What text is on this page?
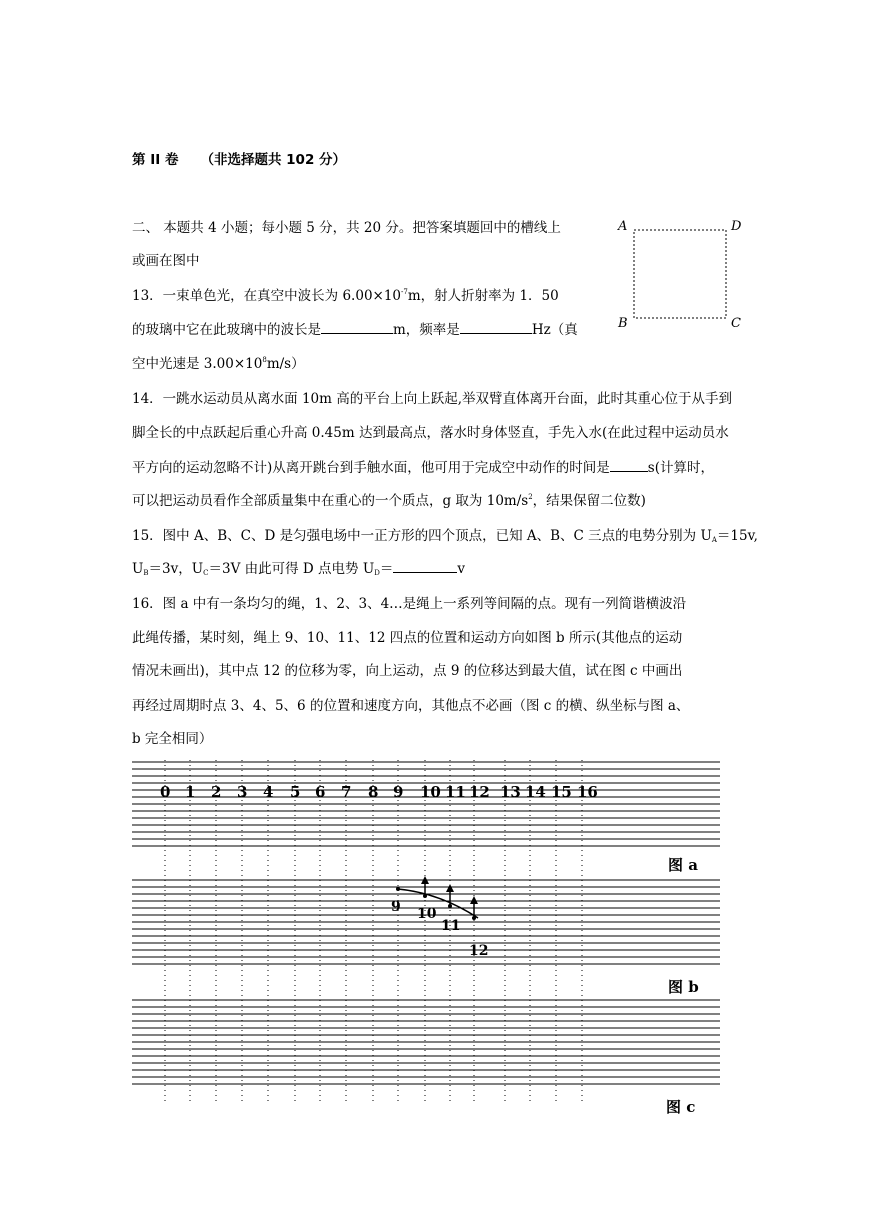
第 II 卷 （非选择题共 102 分）
二、 本题共 4 小题；每小题 5 分，共 20 分。把答案填题回中的槽线上
或画在图中
13．一束单色光，在真空中波长为 $6.00\times 10^{-7}m$，射人折射率为 1．50
的玻璃中它在此玻璃中的波长是	m，频率是	Hz（真
空中光速是 $3.00\times 10^8m/s$）
A	D
B	C
14．一跳水运动员从离水面 10m 高的平台上向上跃起,举双臂直体离开台面，此时其重心位于从手到
脚全长的中点跃起后重心升高 0.45m 达到最高点，落水时身体竖直，手先入水(在此过程中运动员水
平方向的运动忽略不计)从离开跳台到手触水面，他可用于完成空中动作的时间是	s(计算时，
可以把运动员看作全部质量集中在重心的一个质点，g 取为 $10m/s^2$，结果保留二位数)
15．图中 A、B、C、D 是匀强电场中一正方形的四个顶点，已知 A、B、C 三点的电势分别为 $U_A=15v$,
$U_B=3v$，$U_C=3V$ 由此可得 D 点电势 $U_D=$	v
16．图 a 中有一条均匀的绳，1、2、3、4…是绳上一系列等间隔的点。现有一列简谐横波沿
此绳传播，某时刻，绳上 9、10、11、12 四点的位置和运动方向如图 b 所示(其他点的运动
情况未画出)，其中点 12 的位移为零，向上运动，点 9 的位移达到最大值，试在图 c 中画出
再经过周期时点 3、4、5、6 的位置和速度方向，其他点不必画（图 c 的横、纵坐标与图 a、
b 完全相同）
0 1 2 3 4 5 6 7 8 9 10 11 12 13 14 15 16
9 10
11
12
图 a
图 b
图 c
